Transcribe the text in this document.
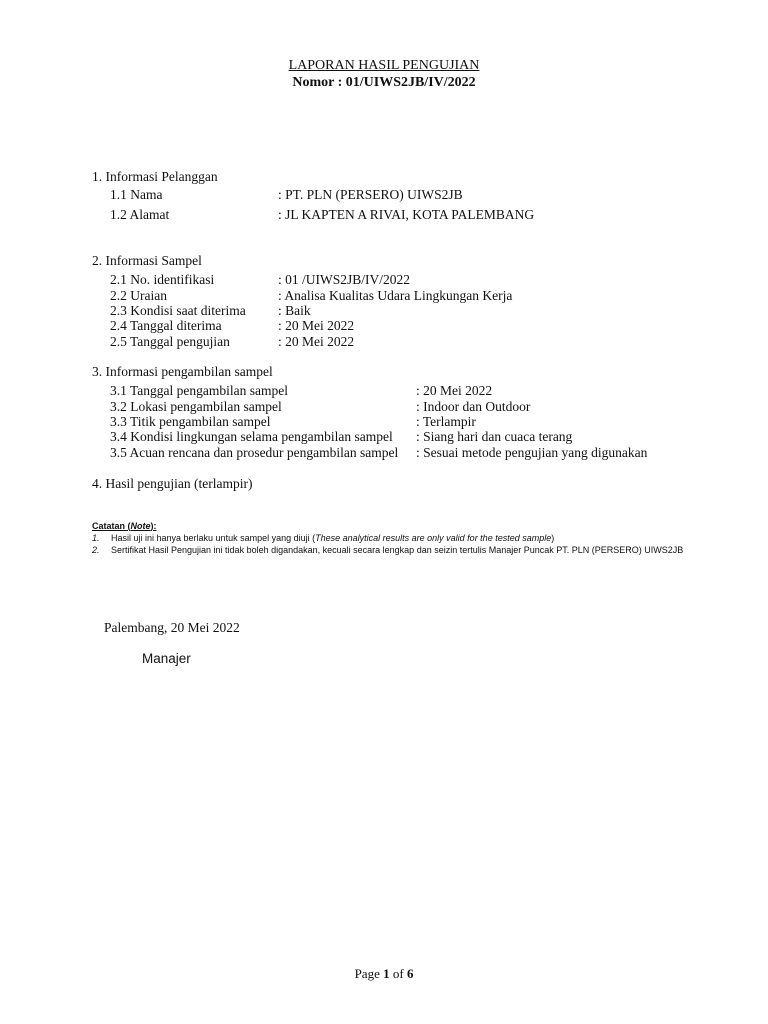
LAPORAN HASIL PENGUJIAN
Nomor : 01/UIWS2JB/IV/2022
1. Informasi Pelanggan
1.1 Nama	: PT. PLN (PERSERO) UIWS2JB
1.2 Alamat	: JL KAPTEN A RIVAI, KOTA PALEMBANG
2. Informasi Sampel
2.1 No. identifikasi	: 01 /UIWS2JB/IV/2022
2.2 Uraian	: Analisa Kualitas Udara Lingkungan Kerja
2.3 Kondisi saat diterima : Baik
2.4 Tanggal diterima	: 20 Mei 2022
2.5 Tanggal pengujian	: 20 Mei 2022
3. Informasi pengambilan sampel
3.1 Tanggal pengambilan sampel	: 20 Mei 2022
3.2 Lokasi pengambilan sampel	: Indoor dan Outdoor
3.3 Titik pengambilan sampel	: Terlampir
3.4 Kondisi lingkungan selama pengambilan sampel : Siang hari dan cuaca terang
3.5 Acuan rencana dan prosedur pengambilan sampel : Sesuai metode pengujian yang digunakan
4. Hasil pengujian (terlampir)
Catatan (Note):
1. Hasil uji ini hanya berlaku untuk sampel yang diuji (These analytical results are only valid for the tested sample)
2. Sertifikat Hasil Pengujian ini tidak boleh digandakan, kecuali secara lengkap dan seizin tertulis Manajer Puncak PT. PLN (PERSERO) UIWS2JB
Palembang, 20 Mei 2022
Manajer
Page 1 of 6
